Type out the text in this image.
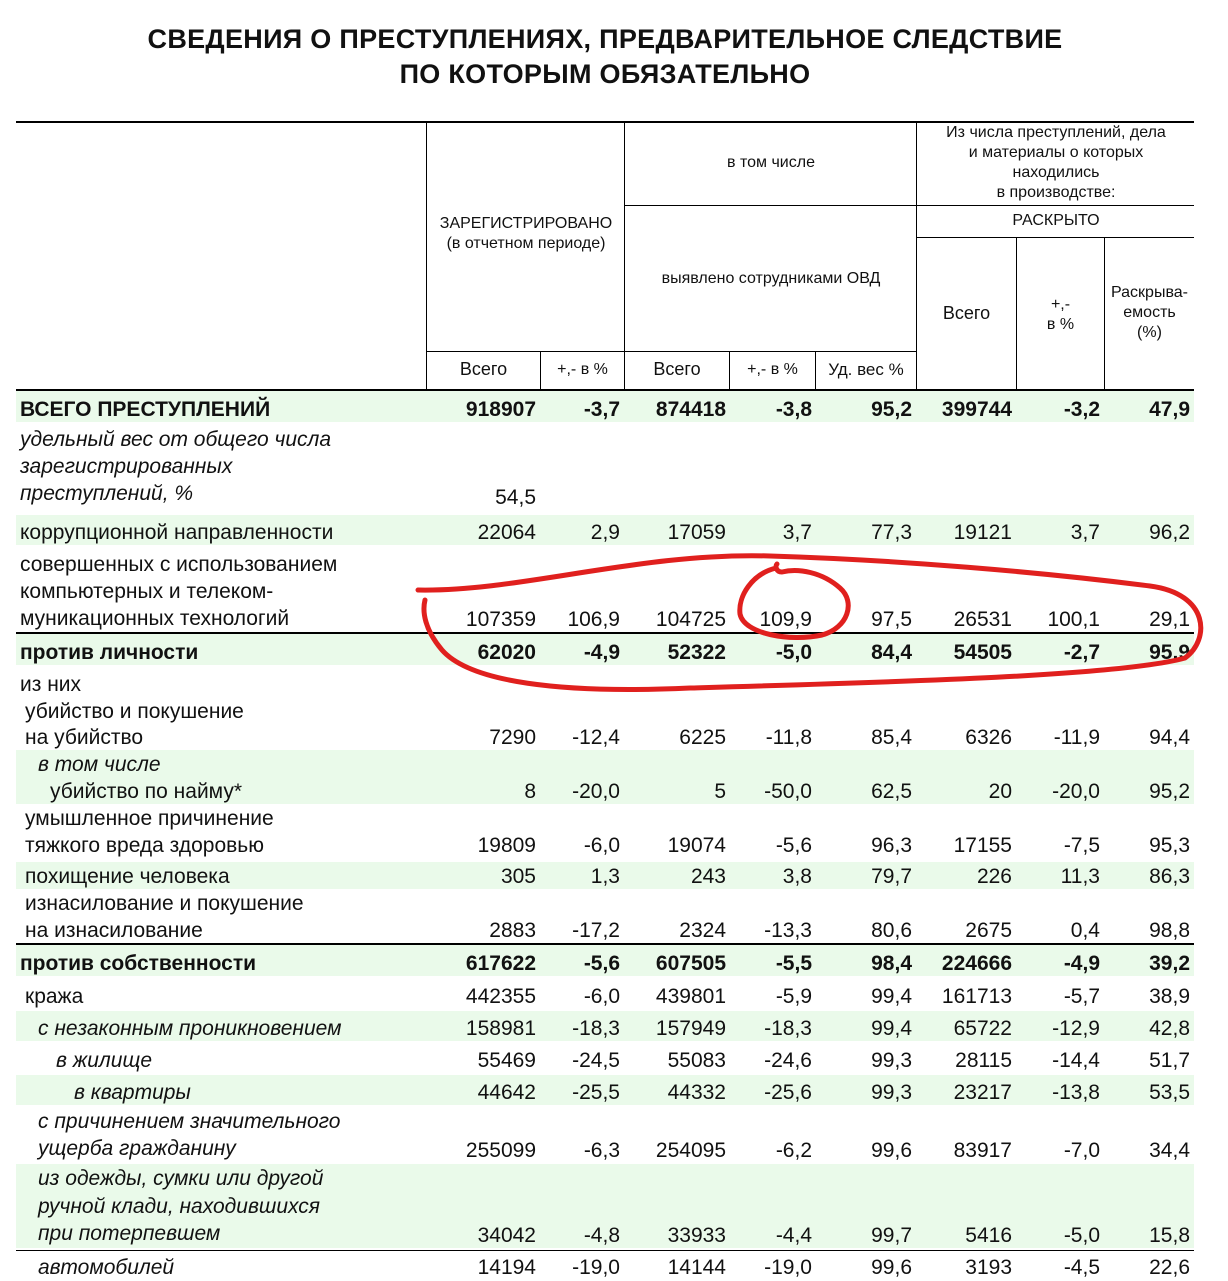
СВЕДЕНИЯ О ПРЕСТУПЛЕНИЯХ, ПРЕДВАРИТЕЛЬНОЕ СЛЕДСТВИЕ
ПО КОТОРЫМ ОБЯЗАТЕЛЬНО
ЗАРЕГИСТРИРОВАНО
(в отчетном периоде)
в том числе
выявлено сотрудниками ОВД
Из числа преступлений, дела
и материалы о которых
находились
в производстве:
РАСКРЫТО
Всего	+,- в %	Всего	+,- в %	Уд. вес %
Всего	+,-
в %
Раскрыва-
емость
(%)
ВСЕГО ПРЕСТУПЛЕНИЙ	918907	-3,7	874418	-3,8	95,2	399744	-3,2	47,9
удельный вес от общего числа
зарегистрированных
преступлений, %	54,5
коррупционной направленности	22064	2,9	17059	3,7	77,3	19121	3,7	96,2
совершенных с использованием
компьютерных и телеком-
муникационных технологий	107359	106,9	104725	109,9	97,5	26531	100,1	29,1
против личности	62020	-4,9	52322	-5,0	84,4	54505	-2,7	95,9
из них
убийство и покушение
на убийство	7290	-12,4	6225	-11,8	85,4	6326	-11,9	94,4
в том числе
убийство по найму*	8	-20,0	5	-50,0	62,5	20	-20,0	95,2
умышленное причинение
тяжкого вреда здоровью	19809	-6,0	19074	-5,6	96,3	17155	-7,5	95,3
похищение человека	305	1,3	243	3,8	79,7	226	11,3	86,3
изнасилование и покушение
на изнасилование	2883	-17,2	2324	-13,3	80,6	2675	0,4	98,8
против собственности	617622	-5,6	607505	-5,5	98,4	224666	-4,9	39,2
кража	442355	-6,0	439801	-5,9	99,4	161713	-5,7	38,9
с незаконным проникновением	158981	-18,3	157949	-18,3	99,4	65722	-12,9	42,8
в жилище	55469	-24,5	55083	-24,6	99,3	28115	-14,4	51,7
в квартиры	44642	-25,5	44332	-25,6	99,3	23217	-13,8	53,5
с причинением значительного
ущерба гражданину	255099	-6,3	254095	-6,2	99,6	83917	-7,0	34,4
из одежды, сумки или другой
ручной клади, находившихся
при потерпевшем	34042	-4,8	33933	-4,4	99,7	5416	-5,0	15,8
автомобилей	14194	-19,0	14144	-19,0	99,6	3193	-4,5	22,6
